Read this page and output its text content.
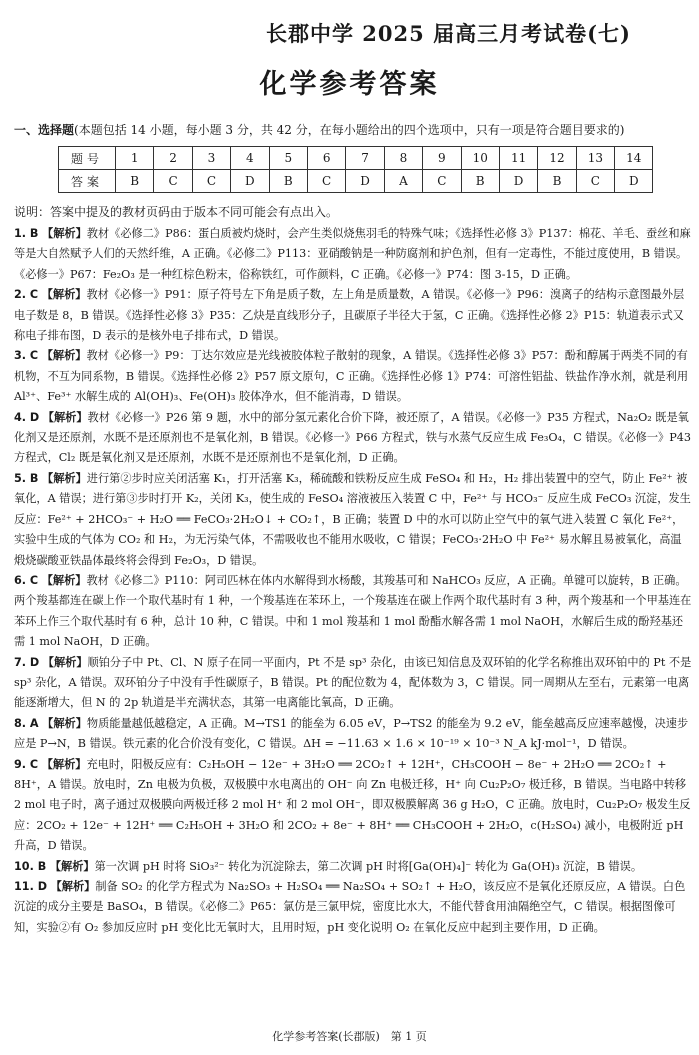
长郡中学 2025 届高三月考试卷(七)
化学参考答案
一、选择题(本题包括 14 小题，每小题 3 分，共 42 分，在每小题给出的四个选项中，只有一项是符合题目要求的)
题号	1	2	3	4	5	6	7	8	9	10	11	12	13	14
答案	B	C	C	D	B	C	D	A	C	B	D	B	C	D
说明：答案中提及的教材页码由于版本不同可能会有点出入。
1. B 【解析】教材《必修二》P86：蛋白质被灼烧时，会产生类似烧焦羽毛的特殊气味；《选择性必修 3》P137：棉花、羊毛、蚕丝和麻等是大自然赋予人们的天然纤维，A 正确。《必修二》P113：亚硝酸钠是一种防腐剂和护色剂，但有一定毒性，不能过度使用，B 错误。《必修一》P67：Fe₂O₃ 是一种红棕色粉末，俗称铁红，可作颜料，C 正确。《必修一》P74：图 3-15，D 正确。
2. C 【解析】教材《必修一》P91：原子符号左下角是质子数，左上角是质量数，A 错误。《必修一》P96：溴离子的结构示意图最外层电子数是 8，B 错误。《选择性必修 3》P35：乙炔是直线形分子，且碳原子半径大于氢，C 正确。《选择性必修 2》P15：轨道表示式又称电子排布图，D 表示的是核外电子排布式，D 错误。
3. C 【解析】教材《必修一》P9：丁达尔效应是光线被胶体粒子散射的现象，A 错误。《选择性必修 3》P57：酚和醇属于两类不同的有机物，不互为同系物，B 错误。《选择性必修 2》P57 原文原句，C 正确。《选择性必修 1》P74：可溶性铝盐、铁盐作净水剂，就是利用 Al³⁺、Fe³⁺ 水解生成的 Al(OH)₃、Fe(OH)₃ 胶体净水，但不能消毒，D 错误。
4. D 【解析】教材《必修一》P26 第 9 题，水中的部分氢元素化合价下降，被还原了，A 错误。《必修一》P35 方程式，Na₂O₂ 既是氧化剂又是还原剂，水既不是还原剂也不是氧化剂，B 错误。《必修一》P66 方程式，铁与水蒸气反应生成 Fe₃O₄，C 错误。《必修一》P43 方程式，Cl₂ 既是氧化剂又是还原剂，水既不是还原剂也不是氧化剂，D 正确。
5. B 【解析】进行第②步时应关闭活塞 K₁，打开活塞 K₃，稀硫酸和铁粉反应生成 FeSO₄ 和 H₂，H₂ 排出装置中的空气，防止 Fe²⁺ 被氧化，A 错误；进行第③步时打开 K₂，关闭 K₃，使生成的 FeSO₄ 溶液被压入装置 C 中，Fe²⁺ 与 HCO₃⁻ 反应生成 FeCO₃ 沉淀，发生反应：Fe²⁺ + 2HCO₃⁻ + H₂O ══ FeCO₃·2H₂O↓ + CO₂↑，B 正确；装置 D 中的水可以防止空气中的氧气进入装置 C 氧化 Fe²⁺，实验中生成的气体为 CO₂ 和 H₂，为无污染气体，不需吸收也不能用水吸收，C 错误；FeCO₃·2H₂O 中 Fe²⁺ 易水解且易被氧化，高温煅烧碳酸亚铁晶体最终将会得到 Fe₂O₃，D 错误。
6. C 【解析】教材《必修二》P110：阿司匹林在体内水解得到水杨酸，其羧基可和 NaHCO₃ 反应，A 正确。单键可以旋转，B 正确。两个羧基都连在碳上作一个取代基时有 1 种，一个羧基连在苯环上，一个羧基连在碳上作两个取代基时有 3 种，两个羧基和一个甲基连在苯环上作三个取代基时有 6 种，总计 10 种，C 错误。中和 1 mol 羧基和 1 mol 酚酯水解各需 1 mol NaOH，水解后生成的酚羟基还需 1 mol NaOH，D 正确。
7. D 【解析】顺铂分子中 Pt、Cl、N 原子在同一平面内，Pt 不是 sp³ 杂化，由该已知信息及双环铂的化学名称推出双环铂中的 Pt 不是 sp³ 杂化，A 错误。双环铂分子中没有手性碳原子，B 错误。Pt 的配位数为 4，配体数为 3，C 错误。同一周期从左至右，元素第一电离能逐渐增大，但 N 的 2p 轨道是半充满状态，其第一电离能比氧高，D 正确。
8. A 【解析】物质能量越低越稳定，A 正确。M→TS1 的能垒为 6.05 eV，P→TS2 的能垒为 9.2 eV，能垒越高反应速率越慢，决速步应是 P→N，B 错误。铁元素的化合价没有变化，C 错误。ΔH = −11.63 × 1.6 × 10⁻¹⁹ × 10⁻³ N_A kJ·mol⁻¹，D 错误。
9. C 【解析】充电时，阳极反应有：C₂H₅OH − 12e⁻ + 3H₂O ══ 2CO₂↑ + 12H⁺，CH₃COOH − 8e⁻ + 2H₂O ══ 2CO₂↑ + 8H⁺，A 错误。放电时，Zn 电极为负极，双极膜中水电离出的 OH⁻ 向 Zn 电极迁移，H⁺ 向 Cu₂P₂O₇ 极迁移，B 错误。当电路中转移 2 mol 电子时，离子通过双极膜向两极迁移 2 mol H⁺ 和 2 mol OH⁻，即双极膜解离 36 g H₂O，C 正确。放电时，Cu₂P₂O₇ 极发生反应：2CO₂ + 12e⁻ + 12H⁺ ══ C₂H₅OH + 3H₂O 和 2CO₂ + 8e⁻ + 8H⁺ ══ CH₃COOH + 2H₂O，c(H₂SO₄) 减小，电极附近 pH 升高，D 错误。
10. B 【解析】第一次调 pH 时将 SiO₃²⁻ 转化为沉淀除去，第二次调 pH 时将[Ga(OH)₄]⁻ 转化为 Ga(OH)₃ 沉淀，B 错误。
11. D 【解析】制备 SO₂ 的化学方程式为 Na₂SO₃ + H₂SO₄ ══ Na₂SO₄ + SO₂↑ + H₂O，该反应不是氧化还原反应，A 错误。白色沉淀的成分主要是 BaSO₄，B 错误。《必修二》P65：氯仿是三氯甲烷，密度比水大，不能代替食用油隔绝空气，C 错误。根据图像可知，实验②有 O₂ 参加反应时 pH 变化比无氧时大，且用时短，pH 变化说明 O₂ 在氧化反应中起到主要作用，D 正确。
化学参考答案(长郡版)　第 1 页
